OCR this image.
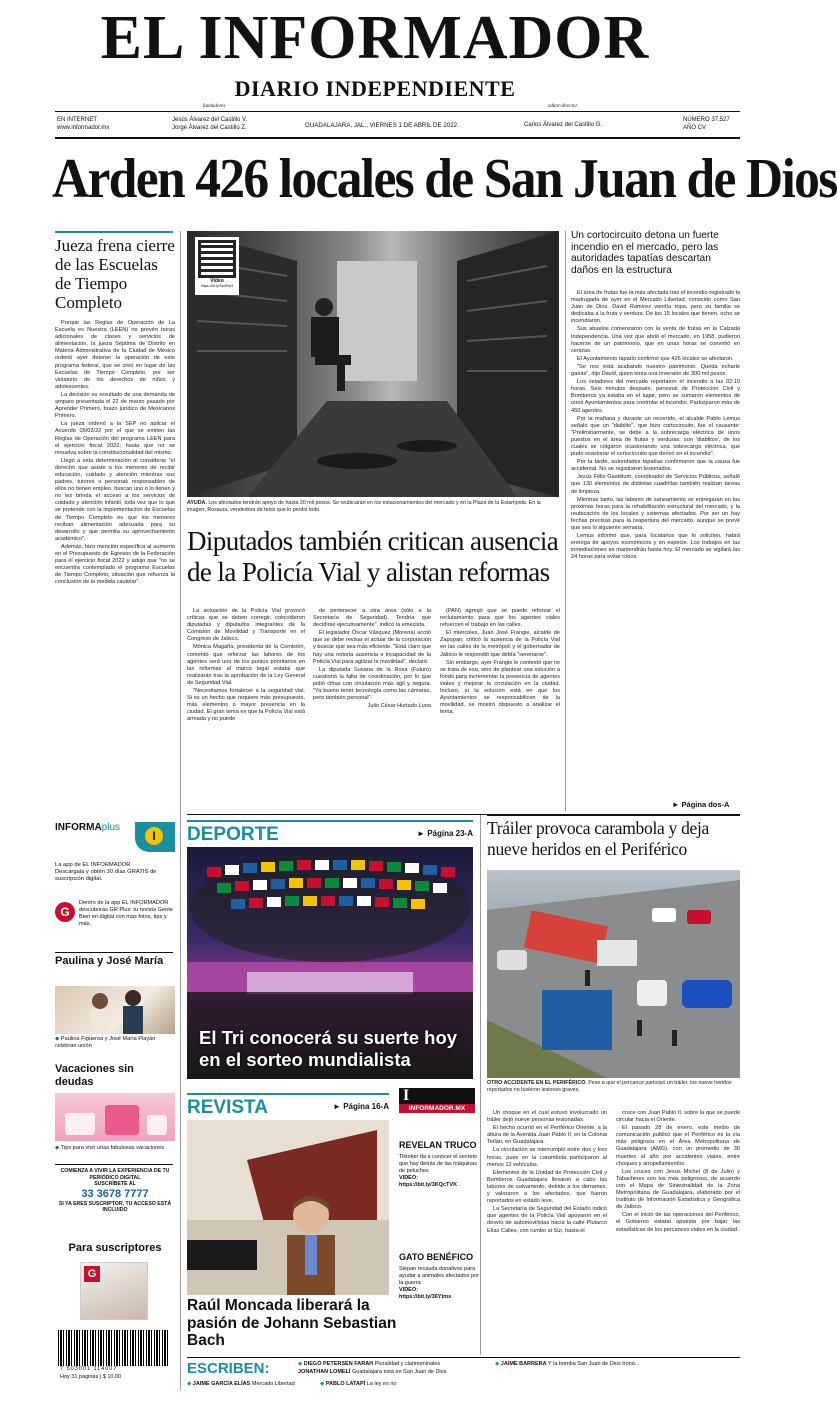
EL INFORMADOR
fundadores
DIARIO INDEPENDIENTE
editor-director
EN INTERNET
www.informador.mx
Jesús Álvarez del Castillo V.
Jorge Álvarez del Castillo Z.	GUADALAJARA, JAL., VIERNES 1 DE ABRIL DE 2022	Carlos Álvarez del Castillo G.
NÚMERO 37,527
AÑO CV
Arden 426 locales de San Juan de Dios
Jueza frena cierre de las Escuelas de Tiempo Completo

Porque las Reglas de Operación de La Escuela es Nuestra (LEEN) no prevén horas adicionales de clases y servicios de alimentación, la jueza Séptima de Distrito en Materia Administrativa de la Ciudad de México ordenó ayer detener la operación de este programa federal, que se creó en lugar de las Escuelas de Tiempo Completo, por ser violatorio de los derechos de niños y adolescentes.

La decisión es resultado de una demanda de amparo presentada el 22 de marzo pasado por Aprender Primero, brazo jurídico de Mexicanos Primero.

La jueza ordenó a la SEP no aplicar el Acuerdo 05/02/22 por el que se emiten las Reglas de Operación del programa LEEN para el ejercicio fiscal 2022, hasta que no se resuelva sobre la constitucionalidad del mismo.

Llegó a esta determinación al considerar "el derecho que asiste a los menores de recibir educación, cuidado y atención mientras sus padres, tutores o personas responsables de ellos no tienen empleo, buscan uno o lo tienen y no les brinda el acceso a los servicios de cuidado y atención infantil, toda vez que lo que se pretende con la implementación de Escuelas de Tiempo Completo es que los menores reciban alimentación adecuada para su desarrollo y que permita su aprovechamiento académico".

Además, hizo mención específica al aumento en el Presupuesto de Egresos de la Federación para el ejercicio fiscal 2022 y adujo que "no se encuentra contemplado el programa Escuelas de Tiempo Completo, situación que refuerza la conclusión de la medida cautelar".

Video
https://bit.ly/3kcR9z3
AYUDA. Los afectados tendrán apoyo de hasta 20 mil pesos. Se reubicarán en los estacionamientos del mercado y en la Plaza de la Estampida. En la imagen, Rosaura, vendedora de tenis que lo perdió todo.
Un cortocircuito detona un fuerte incendio en el mercado, pero las autoridades tapatías descartan daños en la estructura

El área de frutas fue la más afectada tras el incendio registrado la madrugada de ayer en el Mercado Libertad, conocido como San Juan de Dios. David Ramírez vendía ropa, pero su familia se dedicaba a la fruta y verdura. De los 15 locales que tienen, ocho se incendiaron.

Sus abuelos comenzaron con la venta de frutas en la Calzada Independencia. Una vez que abrió el mercado, en 1958, pudieron hacerse de un patrimonio, que en unas horas se convirtió en cenizas.

El Ayuntamiento tapatío confirmó que 426 locales se afectaron.

"Se nos está acabando nuestro patrimonio. Queda echarle ganas", dijo David, quien tenía una inversión de 300 mil pesos.

Los veladores del mercado reportaron el incendio a las 02:10 horas. Seis minutos después, personal de Protección Civil y Bomberos ya estaba en el lugar, pero se sumaron elementos de otros Ayuntamientos para controlar el incendio. Participaron más de 450 agentes.

Por la mañana y durante un recorrido, el alcalde Pablo Lemus señaló que un "diablito", que hizo cortocircuito, fue el causante: "Preliminarmente, se debe a la sobrecarga eléctrica de unos puestos en el área de frutas y verduras: son 'diablitos', de los cuales se colgaron ocasionando una sobrecarga eléctrica, que pudo ocasionar el cortocircuito que derivó en el incendio".

Por la tarde, autoridades tapatías confirmaron que la causa fue accidental. No se registraron lesionados.

Jesús Félix Gastélum, coordinador de Servicios Públicos, señaló que 130 elementos de distintas cuadrillas también realizan tareas de limpieza.

Mientras tanto, las labores de saneamiento se entregarán en las próximas horas para la rehabilitación estructural del mercado, y la reubicación de los locales y sistemas afectados. Por ser un hay fechas precisas para la reapertura del mercado, aunque se prevé que sea lo siguiente semana.

Lemus informó que, para locatarios que lo soliciten, habrá entrega de apoyos económicos y en especie. Los trabajos en las inmediaciones se mantendrán hasta hoy. El mercado se vigilará las 24 horas para evitar robos.

► Página dos-A
Diputados también critican ausencia de la Policía Vial y alistan reformas

La actuación de la Policía Vial provocó críticas que se deben corregir, coincidieron diputadas y diputados integrantes de la Comisión de Movilidad y Transporte en el Congreso de Jalisco.

Mónica Magaña, presidenta de la Comisión, comentó que reforzar las labores de los agentes será uno de los puntos prioritarios en las reformas al marco legal estatal que realizarán tras la aprobación de la Ley General de Seguridad Vial.

"Necesitamos fortalecer a la seguridad vial. Si es un hecho que requiere más presupuesto, más elementos o mayor presencia en la ciudad. El gran tema es que la Policía Vial está armada y no puede

de pertenecer a otra área (sólo a la Secretaría de Seguridad). Tendría que decidirse ejecutivamente", indicó la emecista.

El legislador Óscar Vásquez (Morena) acotó que se debe revisar el actuar de la corporación y buscar que sea más eficiente. "Está claro que hay una notoria ausencia e incapacidad de la Policía Vial para agilizar la movilidad", declaró.

La diputada Susana de la Rosa (Futuro) cuestionó la falta de coordinación, por lo que pidió cifras con circulación más ágil y segura. "Ya bueno tener tecnología como las cámaras, pero también personal".

Julio César Hurtado Luna

(PAN) agregó que se puede reforzar el reclutamiento para que los agentes viales refuercen el trabajo en las calles.

El miércoles, Juan José Frangie, alcalde de Zapopan, criticó la ausencia de la Policía Vial en las calles de la metrópoli y el gobernador de Jalisco le respondió que debía "serenarse".

Sin embargo, ayer Frangie le contestó que no se trata de eso, sino de plantear una solución a fondo para incrementar la presencia de agentes viales y mejorar la circulación en la ciudad. Incluso, si la solución está en que los Ayuntamientos se responsabilicen de la movilidad, se mostró dispuesto a analizar el tema.

INFORMAplus
I
La app de EL INFORMADOR
Descárgala y obtén 30 días GRATIS de suscripción digital.
G
Dentro de la app EL INFORMADOR descubrirás GR Plus: tu revista Gente Bien en digital con más fotos, tips y más.
Paulina y José María
◆ Paulina Figueroa y José María Playán celebran unión
Vacaciones sin deudas
◆ Tips para vivir unas fabulosas vacaciones
COMIENZA A VIVIR LA EXPERIENCIA DE TU PERIÓDICO DIGITAL
SUSCRÍBETE AL
33 3678 7777
SI YA ERES SUSCRIPTOR, TU ACCESO ESTÁ INCLUIDO
Para suscriptores
G
7 503001 114007
Hoy 31 páginas | $ 10.00
DEPORTE	► Página 23-A
El Tri conocerá su suerte hoy en el sorteo mundialista
Tráiler provoca carambola y deja nueve heridos en el Periférico
OTRO ACCIDENTE EN EL PERIFÉRICO. Pese a que el percance participó un tráiler, los nueve heridos reportados no tuvieron lesiones graves.

Un choque en el cual estuvo involucrado un tráiler dejó nueve personas lesionadas.

El hecho ocurrió en el Periférico Oriente, a la altura de la Avenida Juan Pablo II, en la Colonia Tetlán, en Guadalajara.

La circulación se interrumpió entre dos y tres horas, pues en la carambola participaron al menos 12 vehículos.

Elementos de la Unidad de Protección Civil y Bomberos Guadalajara llevaron a cabo las labores de salvamento, debido a los derrames, y valoraron a los afectados, que fueron reportados en estado leve.

La Secretaría de Seguridad del Estado indicó que agentes de la Policía Vial apoyaron en el desvío de automovilistas hacia la calle Plutarco Elías Calles, con rumbo al Sur, hasta el

cruce con Juan Pablo II, sobre la que se puede circular hacia el Oriente.

El pasado 28 de enero, este medio de comunicación publicó que el Periférico es la vía más peligrosa en el Área Metropolitana de Guadalajara (AMG), con un promedio de 30 muertes al año por accidentes viales, entre choques y atropellamientos.

Los cruces con Jesús Michel (8 de Julio) y Tabachines son los más peligrosos, de acuerdo con el Mapa de Siniestralidad de la Zona Metropolitana de Guadalajara, elaborado por el Instituto de Información Estadística y Geográfica de Jalisco.

Con el inicio de las operaciones del Periférico, el Gobierno estatal apuesta por bajar las estadísticas de los percances viales en la ciudad.

REVISTA	► Página 16-A
Raúl Moncada liberará la pasión de Johann Sebastian Bach
I
INFORMADOR.MX
REVELAN TRUCO
Tiktoker da a conocer el secreto que hay detrás de las máquinas de peluches
VIDEO:
https://bit.ly/3KQcTVK
GATO BENÉFICO
Siepan recauda donativos para ayudar a animales afectados por la guerra
VIDEO:
https://bit.ly/36Ytms
ESCRIBEN:	◆ DIEGO PETERSEN FARAH Pluralidad y clarinominales	◆ JAIME BARRERA Y la bomba San Juan de Dios tronó...
JONATHAN LOMELÍ Guadalajara está en San Juan de Dios
◆ JAIME GARCÍA ELÍAS Mercado Libertad	◆ PABLO LATAPÍ La ley es no
